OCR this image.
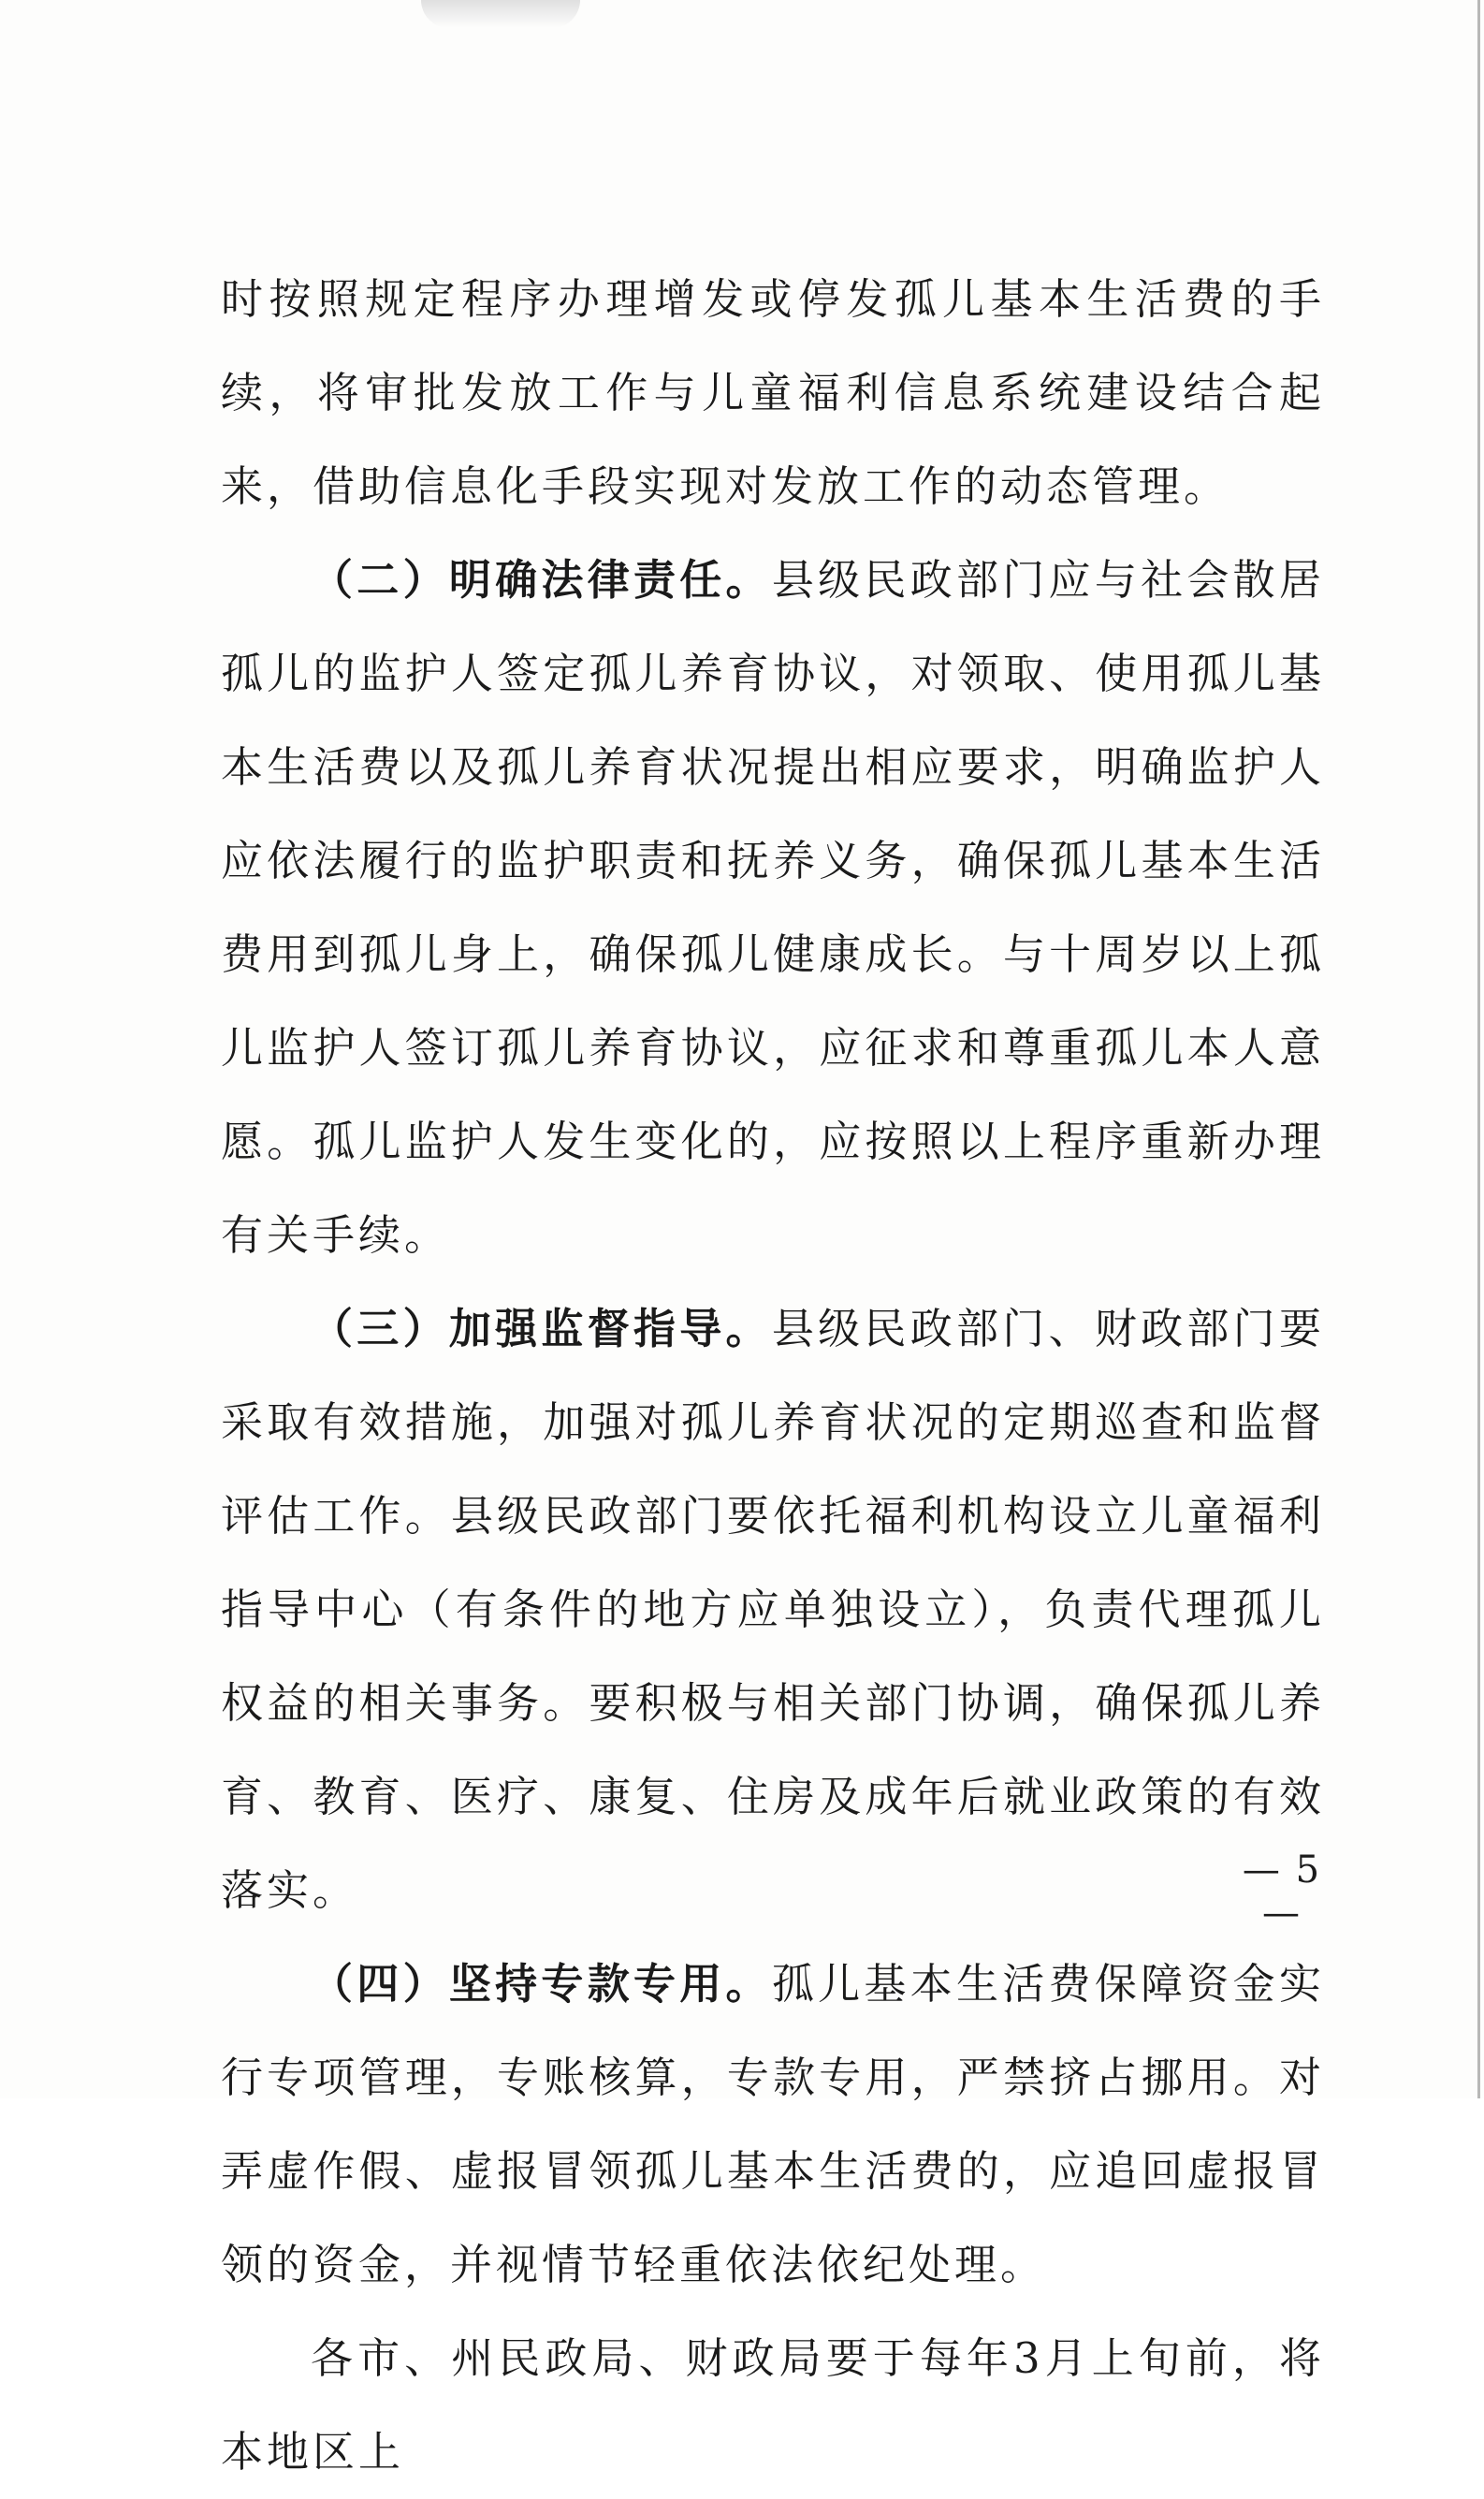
时按照规定程序办理增发或停发孤儿基本生活费的手续，将审批发放工作与儿童福利信息系统建设结合起来，借助信息化手段实现对发放工作的动态管理。

（二）明确法律责任。县级民政部门应与社会散居孤儿的监护人签定孤儿养育协议，对领取、使用孤儿基本生活费以及孤儿养育状况提出相应要求，明确监护人应依法履行的监护职责和抚养义务，确保孤儿基本生活费用到孤儿身上，确保孤儿健康成长。与十周岁以上孤儿监护人签订孤儿养育协议，应征求和尊重孤儿本人意愿。孤儿监护人发生变化的，应按照以上程序重新办理有关手续。

（三）加强监督指导。县级民政部门、财政部门要采取有效措施，加强对孤儿养育状况的定期巡查和监督评估工作。县级民政部门要依托福利机构设立儿童福利指导中心（有条件的地方应单独设立），负责代理孤儿权益的相关事务。要积极与相关部门协调，确保孤儿养育、教育、医疗、康复、住房及成年后就业政策的有效落实。

（四）坚持专款专用。孤儿基本生活费保障资金实行专项管理，专账核算，专款专用，严禁挤占挪用。对弄虚作假、虚报冒领孤儿基本生活费的，应追回虚报冒领的资金，并视情节轻重依法依纪处理。

各市、州民政局、财政局要于每年3月上旬前，将本地区上

— 5 —
